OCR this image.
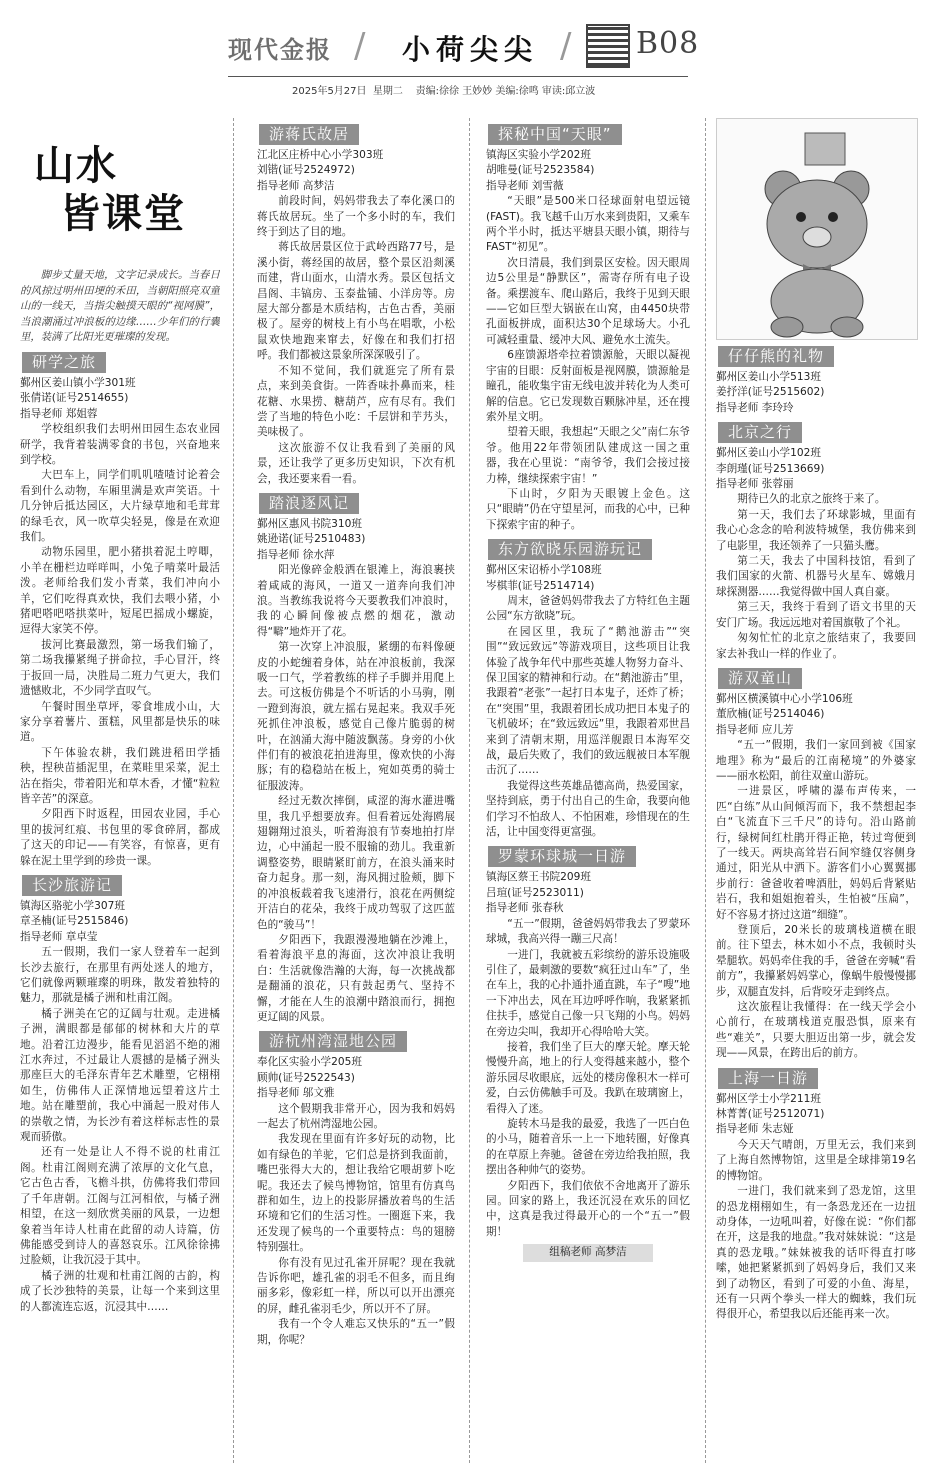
现代金报 / 小荷尖尖 / B08
2025年5月27日 星期二 责编:徐徐 王妙妙 美编:徐鸣 审读:邱立波
山水
皆课堂
脚步丈量天地，文字记录成长。当春日的风掠过明州田埂的禾田，当朝阳照亮双童山的一线天，当指尖触摸天眼的“视网膜”，当浪潮涌过冲浪板的边缘……少年们的行囊里，装满了比阳光更璀璨的发现。
研学之旅
鄞州区姜山镇小学301班
张倩诺(证号2514655)
指导老师 郑姐蓉

学校组织我们去明州田园生态农业园研学，我背着装满零食的书包，兴奋地来到学校。

大巴车上，同学们叽叽喳喳讨论着会看到什么动物，车厢里满是欢声笑语。十几分钟后抵达园区，大片绿草地和毛茸茸的绿毛衣，风一吹草尖轻晃，像是在欢迎我们。

动物乐园里，肥小猪拱着泥土哼唧，小羊在栅栏边咩咩叫，小兔子啃菜叶最活泼。老师给我们发小青菜，我们冲向小羊，它们吃得真欢快，我们去喂小猪，小猪吧嗒吧嗒拱菜叶，短尾巴摇成小螺旋，逗得大家笑不停。

拔河比赛最激烈，第一场我们输了，第二场我攥紧绳子拼命拉，手心冒汗，终于扳回一局，决胜局二班力气更大，我们遗憾败北，不少同学直叹气。

午餐时围坐草坪，零食堆成小山，大家分享着薯片、蛋糕，风里都是快乐的味道。

下午体验农耕，我们跳进稻田学插秧，捏秧苗插泥里，在菜畦里采菜，泥土沾在指尖，带着阳光和草木香，才懂“粒粒皆辛苦”的深意。

夕阳西下时返程，田园农业园，手心里的拔河红痕、书包里的零食碎屑，都成了这天的印记——有笑容，有惊喜，更有躲在泥土里学到的珍贵一课。

长沙旅游记
镇海区骆驼小学307班
章圣楠(证号2515846)
指导老师 章卓莹

五一假期，我们一家人登着车一起到长沙去旅行，在那里有两处迷人的地方，它们就像两颗璀璨的明珠，散发着独特的魅力，那就是橘子洲和杜甫江阁。

橘子洲美在它的辽阔与壮观。走进橘子洲，满眼都是郁郁的树林和大片的草地。沿着江边漫步，能看见滔滔不绝的湘江水奔过，不过最让人震撼的是橘子洲头那座巨大的毛泽东青年艺术雕塑，它栩栩如生，仿佛伟人正深情地远望着这片土地。站在雕塑前，我心中涌起一股对伟人的崇敬之情，为长沙有着这样标志性的景观而骄傲。

还有一处是让人不得不说的杜甫江阁。杜甫江阁则充满了浓厚的文化气息，它古色古香，飞檐斗拱，仿佛将我们带回了千年唐朝。江阁与江河相依，与橘子洲相望，在这一刻欣赏美丽的风景，一边想象着当年诗人杜甫在此留的动人诗篇，仿佛能感受到诗人的喜怒哀乐。江风徐徐拂过脸颊，让我沉浸于其中。

橘子洲的壮观和杜甫江阁的古韵，构成了长沙独特的美景，让每一个来到这里的人都流连忘返，沉浸其中……

游蒋氏故居
江北区庄桥中心小学303班
刘锴(证号2524972)
指导老师 高梦洁

前段时间，妈妈带我去了奉化溪口的蒋氏故居玩。坐了一个多小时的车，我们终于到达了目的地。

蒋氏故居景区位于武岭西路77号，是溪小街，蒋经国的故居，整个景区沿剡溪而建，背山面水，山清水秀。景区包括文昌阁、丰镐房、玉泰盐铺、小洋房等。房屋大部分都是木质结构，古色古香，美丽极了。屋旁的树枝上有小鸟在唱歌，小松鼠欢快地跑来窜去，好像在和我们打招呼。我们都被这景象所深深吸引了。

不知不觉间，我们就逛完了所有景点，来到美食街。一阵香味扑鼻而来，桂花糖、水果捞、糖葫芦，应有尽有。我们尝了当地的特色小吃：千层饼和芋艿头，美味极了。

这次旅游不仅让我看到了美丽的风景，还让我学了更多历史知识，下次有机会，我还要来看一看。

踏浪逐风记
鄞州区惠风书院310班
姚逊诺(证号2510483)
指导老师 徐水萍

阳光像碎金般洒在银滩上，海浪裹挟着咸咸的海风，一道又一道奔向我们冲浪。当教练我说将今天要教我们冲浪时，我的心瞬间像被点燃的烟花，激动得“噼”地炸开了花。

第一次穿上冲浪服，紧绷的布料像硬皮的小蛇缠着身体，站在冲浪板前，我深吸一口气，学着教练的样子手脚并用爬上去。可这板仿佛是个不听话的小马驹，刚一蹬到海浪，就左摇右晃起来。我双手死死抓住冲浪板，感觉自己像片脆弱的树叶，在汹涌大海中随波飘荡。身旁的小伙伴们有的被浪花拍进海里，像欢快的小海豚；有的稳稳站在板上，宛如英勇的骑士征服波涛。

经过无数次摔倒，咸涩的海水灌进嘴里，我几乎想要放弃。但看着远处海鸥展翅翱翔过浪头，听着海浪有节奏地拍打岸边，心中涌起一股不服输的劲儿。我重新调整姿势，眼睛紧盯前方，在浪头涌来时奋力起身。那一刻，海风拥过脸颊，脚下的冲浪板载着我飞速滑行，浪花在两侧绽开洁白的花朵，我终于成功驾驭了这匹蓝色的“骏马”！

夕阳西下，我跟漫漫地躺在沙滩上，看着海浪平息的海面，这次冲浪让我明白：生活就像浩瀚的大海，每一次挑战都是翻涌的浪花，只有鼓起勇气、坚持不懈，才能在人生的浪潮中踏浪而行，拥抱更辽阔的风景。

游杭州湾湿地公园
奉化区实验小学205班
顾帅(证号2522543)
指导老师 邬文雅

这个假期我非常开心，因为我和妈妈一起去了杭州湾湿地公园。

我发现在里面有许多好玩的动物，比如有绿色的羊驼，它们总是挤到我面前，嘴巴张得大大的，想让我给它喂胡萝卜吃呢。我还去了候鸟博物馆，馆里有仿真鸟群和如生，边上的投影屏播放着鸟的生活环境和它们的生活习性。一圈逛下来，我还发现了候鸟的一个重要特点：鸟的翅膀特别强壮。

你有没有见过孔雀开屏呢？现在我就告诉你吧，雄孔雀的羽毛不但多，而且绚丽多彩，像彩虹一样，所以可以开出漂亮的屏，雌孔雀羽毛少，所以开不了屏。

我有一个令人难忘又快乐的“五一”假期，你呢？

探秘中国“天眼”
镇海区实验小学202班
胡唯曼(证号2523584)
指导老师 刘雪薇

“天眼”是500米口径球面射电望远镜(FAST)。我飞越千山万水来到贵阳，又乘车两个半小时，抵达平塘县天眼小镇，期待与FAST“初见”。

次日清晨，我们到景区安检。因天眼周边5公里是“静默区”，需寄存所有电子设备。乘摆渡车、爬山路后，我终于见到天眼——它如巨型大锅嵌在山窝，由4450块带孔面板拼成，面积达30个足球场大。小孔可减轻重量、缓冲大风、避免水土流失。

6座馈源塔牵拉着馈源舱，天眼以凝视宇宙的目眼：反射面板是视网膜，馈源舱是瞳孔，能收集宇宙无线电波并转化为人类可解的信息。它已发现数百颗脉冲星，还在搜索外星文明。

望着天眼，我想起“天眼之父”南仁东爷爷。他用22年带领团队建成这一国之重器，我在心里说：“南爷爷，我们会接过接力棒，继续探索宇宙！”

下山时，夕阳为天眼镀上金色。这只“眼睛”仍在守望星河，而我的心中，已种下探索宇宙的种子。

东方欲晓乐园游玩记
鄞州区宋诏桥小学108班
岑棋菲(证号2514714)

周末，爸爸妈妈带我去了方特红色主题公园“东方欲晓”玩。

在园区里，我玩了“鹅池游击”“突围”“致远致远”等游戏项目，这些项目让我体验了战争年代中那些英雄人物努力奋斗、保卫国家的精神和行动。在“鹅池游击”里，我跟着“老张”一起打日本鬼子，还炸了桥；在“突围”里，我跟着团长成功把日本鬼子的飞机破坏；在“致远致远”里，我跟着邓世昌来到了清朝末期，用巡洋舰跟日本海军交战，最后失败了，我们的致远舰被日本军舰击沉了……

我觉得这些英雄品德高尚，热爱国家，坚持到底，勇于付出自己的生命，我要向他们学习不怕敌人、不怕困难，珍惜现在的生活，让中国变得更富强。

罗蒙环球城一日游
镇海区蔡王书院209班
吕瑄(证号2523011)
指导老师 张春秋

“五一”假期，爸爸妈妈带我去了罗蒙环球城，我高兴得一蹦三尺高！

一进门，我就被五彩缤纷的游乐设施吸引住了，最刺激的要数“疯狂过山车”了，坐在车上，我的心扑通扑通直跳，车子“嗖”地一下冲出去，风在耳边呼呼作响，我紧紧抓住扶手，感觉自己像一只飞翔的小鸟。妈妈在旁边尖叫，我却开心得哈哈大笑。

接着，我们坐了巨大的摩天轮。摩天轮慢慢升高，地上的行人变得越来越小，整个游乐园尽收眼底，远处的楼房像积木一样可爱，白云仿佛触手可及。我趴在玻璃窗上，看得入了迷。

旋转木马是我的最爱，我选了一匹白色的小马，随着音乐一上一下地转圈，好像真的在草原上奔驰。爸爸在旁边给我拍照，我摆出各种帅气的姿势。

夕阳西下，我们依依不舍地离开了游乐园。回家的路上，我还沉浸在欢乐的回忆中，这真是我过得最开心的一个“五一”假期！

组稿老师 高梦洁
仔仔熊的礼物
鄞州区姜山小学513班
姜抒洋(证号2515602)
指导老师 李玲玲
北京之行
鄞州区姜山小学102班
李朗瑾(证号2513669)
指导老师 张蓉丽

期待已久的北京之旅终于来了。

第一天，我们去了环球影城，里面有我心心念念的哈利波特城堡，我仿佛来到了电影里，我还领养了一只猫头鹰。

第二天，我去了中国科技馆，看到了我们国家的火箭、机器号火星车、嫦娥月球探测器……我觉得做中国人真自豪。

第三天，我终于看到了语文书里的天安门广场。我远远地对着国旗敬了个礼。

匆匆忙忙的北京之旅结束了，我要回家去补我山一样的作业了。

游双童山
鄞州区横溪镇中心小学106班
董欣楠(证号2514046)
指导老师 应儿芳

“五一”假期，我们一家回到被《国家地理》称为“最后的江南秘境”的外婆家——丽水松阳，前往双童山游玩。

一进景区，呼啸的瀑布声传来，一匹“白练”从山间倾泻而下，我不禁想起李白“飞流直下三千尺”的诗句。沿山路前行，绿树间红杜鹃开得正艳，转过弯便到了一线天。两块高耸岩石间窄缝仅容侧身通过，阳光从中洒下。游客们小心翼翼挪步前行：爸爸收着啤酒肚，妈妈后背紧贴岩石，我和姐姐抱着头，生怕被“压扁”，好不容易才挤过这道“细缝”。

登顶后，20米长的玻璃栈道横在眼前。往下望去，林木如小不点，我顿时头晕腿软。妈妈牵住我的手，爸爸在旁喊“看前方”，我攥紧妈妈掌心，像蜗牛般慢慢挪步，双腿直发抖，后背咬牙走到终点。

这次旅程让我懂得：在一线天学会小心前行，在玻璃栈道克服恐惧，原来有些“难关”，只要大胆迈出第一步，就会发现——风景，在跨出后的前方。

上海一日游
鄞州区学士小学211班
林菁菁(证号2512071)
指导老师 朱志娅

今天天气晴朗，万里无云，我们来到了上海自然博物馆，这里是全球排第19名的博物馆。

一进门，我们就来到了恐龙馆，这里的恐龙栩栩如生，有一条恐龙还在一边扭动身体，一边吼叫着，好像在说：“你们都在开，这是我的地盘。”我对妹妹说：“这是真的恐龙哦。”妹妹被我的话吓得直打哆嗦，她把紧紧抓到了妈妈身后，我们又来到了动物区，看到了可爱的小鱼、海星，还有一只两个拳头一样大的蜘蛛，我们玩得很开心，希望我以后还能再来一次。
